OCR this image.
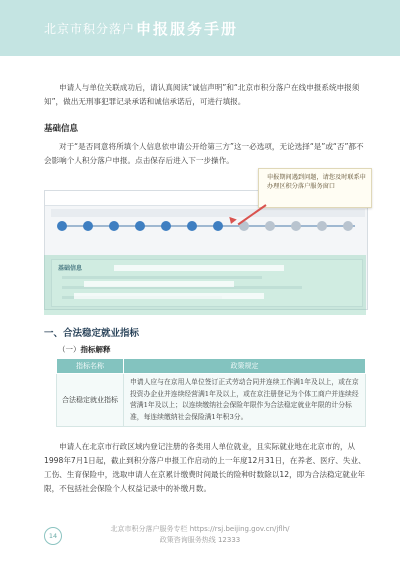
北京市积分落户 申报服务手册
申请人与单位关联成功后，请认真阅读“诚信声明”和“北京市积分落户在线申报系统申报须知”，做出无刑事犯罪记录承诺和诚信承诺后，可进行填报。
基础信息
对于“是否同意将所填个人信息依申请公开给第三方”这一必选项，无论选择“是”或“否”都不会影响个人积分落户申报。点击保存后进入下一步操作。
基础信息
申报期间遇到问题，请您及时联系申办理区积分落户服务窗口
一、合法稳定就业指标
（一）指标解释
指标名称	政策规定
合法稳定就业指标	申请人应与在京用人单位签订正式劳动合同并连续工作满1年及以上，或在京投资办企业并连续经营满1年及以上，或在京注册登记为个体工商户并连续经营满1年及以上；以连续缴纳社会保险年限作为合法稳定就业年限的计分标准，每连续缴纳社会保险满1年积3分。
申请人在北京市行政区域内登记注册的各类用人单位就业，且实际就业地在北京市的，从1998年7月1日起，截止到积分落户申报工作启动的上一年度12月31日，在养老、医疗、失业、工伤、生育保险中，选取申请人在京累计缴费时间最长的险种时数除以12，即为合法稳定就业年限，不包括社会保险个人权益记录中的补缴月数。
14
北京市积分落户服务专栏 https://rsj.beijing.gov.cn/jflh/
政策咨询服务热线 12333
